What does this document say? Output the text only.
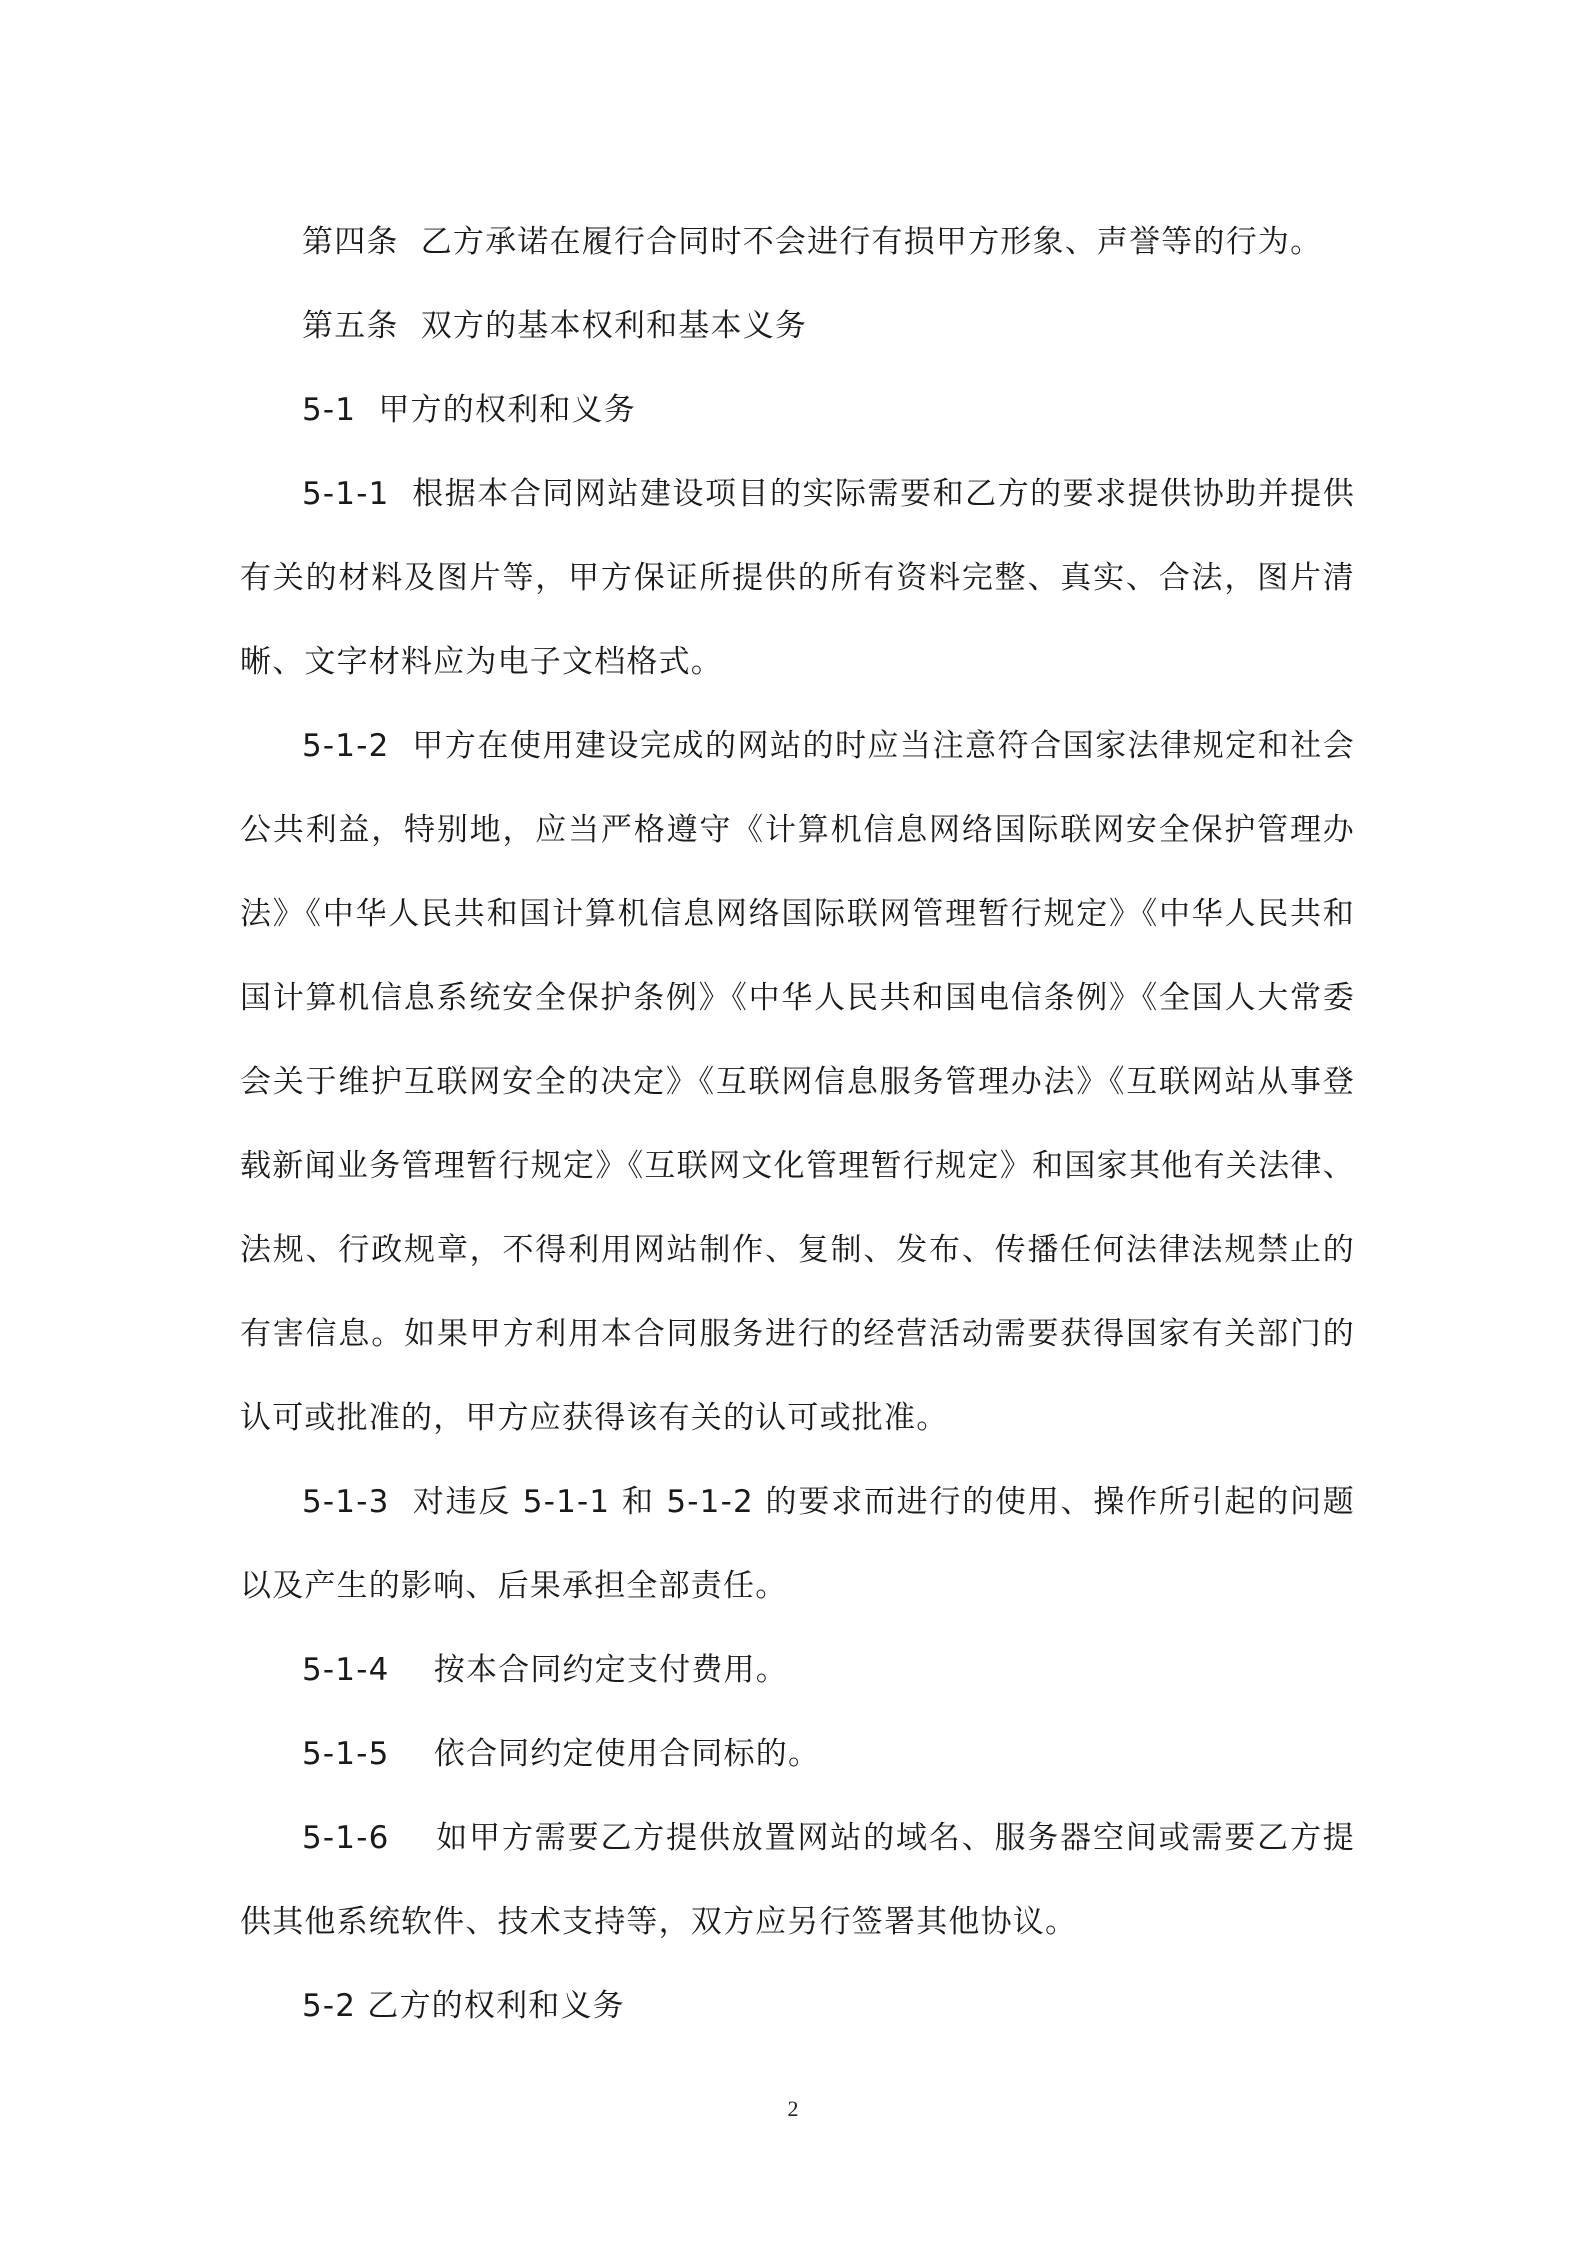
第四条  乙方承诺在履行合同时不会进行有损甲方形象、声誉等的行为。

第五条  双方的基本权利和基本义务

5-1  甲方的权利和义务

5-1-1  根据本合同网站建设项目的实际需要和乙方的要求提供协助并提供有关的材料及图片等，甲方保证所提供的所有资料完整、真实、合法，图片清晰、文字材料应为电子文档格式。

5-1-2  甲方在使用建设完成的网站的时应当注意符合国家法律规定和社会公共利益，特别地，应当严格遵守《计算机信息网络国际联网安全保护管理办法》《中华人民共和国计算机信息网络国际联网管理暂行规定》《中华人民共和国计算机信息系统安全保护条例》《中华人民共和国电信条例》《全国人大常委会关于维护互联网安全的决定》《互联网信息服务管理办法》《互联网站从事登载新闻业务管理暂行规定》《互联网文化管理暂行规定》和国家其他有关法律、法规、行政规章，不得利用网站制作、复制、发布、传播任何法律法规禁止的有害信息。如果甲方利用本合同服务进行的经营活动需要获得国家有关部门的认可或批准的，甲方应获得该有关的认可或批准。

5-1-3  对违反 5-1-1 和 5-1-2 的要求而进行的使用、操作所引起的问题以及产生的影响、后果承担全部责任。

5-1-4    按本合同约定支付费用。

5-1-5    依合同约定使用合同标的。

5-1-6    如甲方需要乙方提供放置网站的域名、服务器空间或需要乙方提供其他系统软件、技术支持等，双方应另行签署其他协议。

5-2 乙方的权利和义务

2
